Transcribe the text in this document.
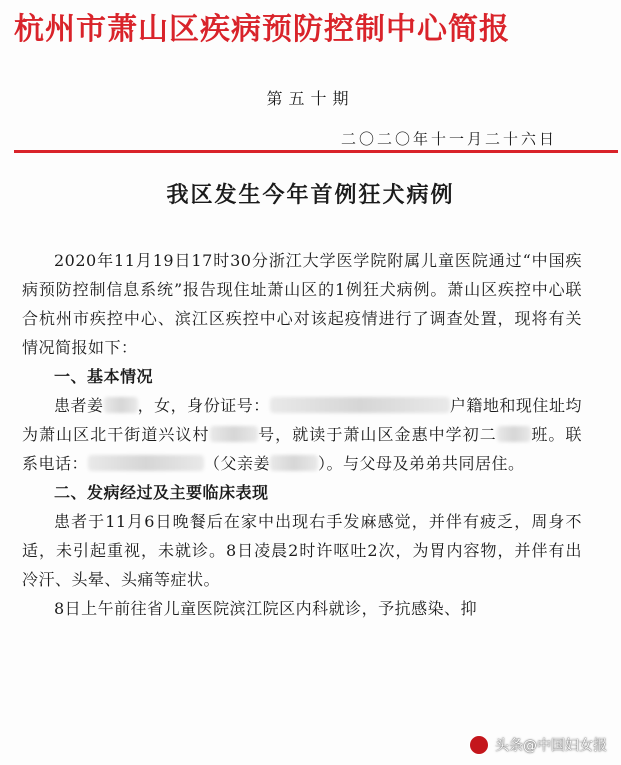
杭州市萧山区疾病预防控制中心简报
第五十期
二〇二〇年十一月二十六日
我区发生今年首例狂犬病例

2020年11月19日17时30分浙江大学医学院附属儿童医院通过“中国疾病预防控制信息系统”报告现住址萧山区的1例狂犬病例。萧山区疾控中心联合杭州市疾控中心、滨江区疾控中心对该起疫情进行了调查处置，现将有关情况简报如下：

一、基本情况

患者姜 ，女，身份证号：	户籍地和现住址均为萧山区北干街道兴议村	号，就读于萧山区金惠中学初二 班。联系电话：	（父亲姜	）。与父母及弟弟共同居住。

二、发病经过及主要临床表现

患者于11月6日晚餐后在家中出现右手发麻感觉，并伴有疲乏，周身不适，未引起重视，未就诊。8日凌晨2时许呕吐2次，为胃内容物，并伴有出冷汗、头晕、头痛等症状。

8日上午前往省儿童医院滨江院区内科就诊，予抗感染、抑

头条@中国妇女报
